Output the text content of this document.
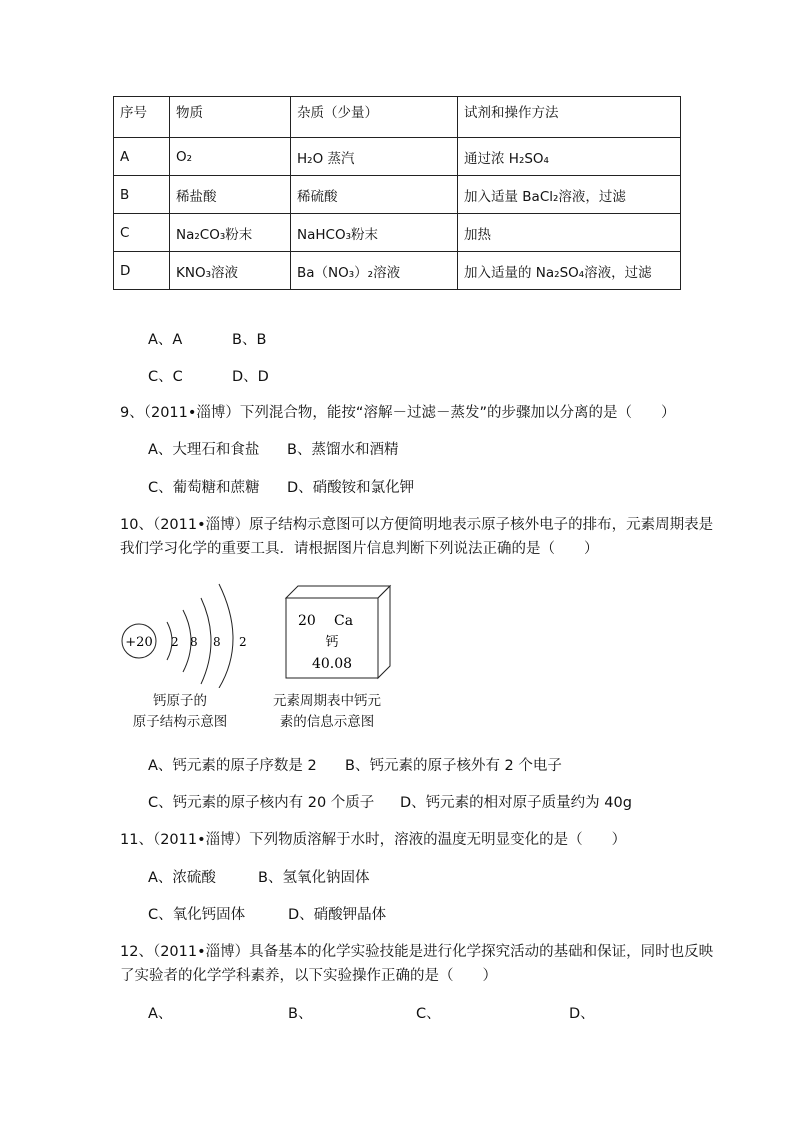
序号	物质	杂质（少量）	试剂和操作方法
A	O₂	H₂O 蒸汽	通过浓 H₂SO₄
B	稀盐酸	稀硫酸	加入适量 BaCl₂溶液，过滤
C	Na₂CO₃粉末	NaHCO₃粉末	加热
D	KNO₃溶液	Ba（NO₃）₂溶液	加入适量的 Na₂SO₄溶液，过滤
A、A	B、B
C、C	D、D
9、（2011•淄博）下列混合物，能按“溶解－过滤－蒸发”的步骤加以分离的是（　　）
A、大理石和食盐 B、蒸馏水和酒精
C、葡萄糖和蔗糖 D、硝酸铵和氯化钾
10、（2011•淄博）原子结构示意图可以方便简明地表示原子核外电子的排布，元素周期表是
我们学习化学的重要工具．请根据图片信息判断下列说法正确的是（　　）
+20 2 8 8 2
20 Ca
钙
40.08
钙原子的
原子结构示意图
元素周期表中钙元
素的信息示意图
A、钙元素的原子序数是 2 B、钙元素的原子核外有 2 个电子
C、钙元素的原子核内有 20 个质子 D、钙元素的相对原子质量约为 40g
11、（2011•淄博）下列物质溶解于水时，溶液的温度无明显变化的是（　　）
A、浓硫酸	B、氢氧化钠固体
C、氧化钙固体	D、硝酸钾晶体
12、（2011•淄博）具备基本的化学实验技能是进行化学探究活动的基础和保证，同时也反映
了实验者的化学学科素养，以下实验操作正确的是（　　）
A、	B、	C、	D、
